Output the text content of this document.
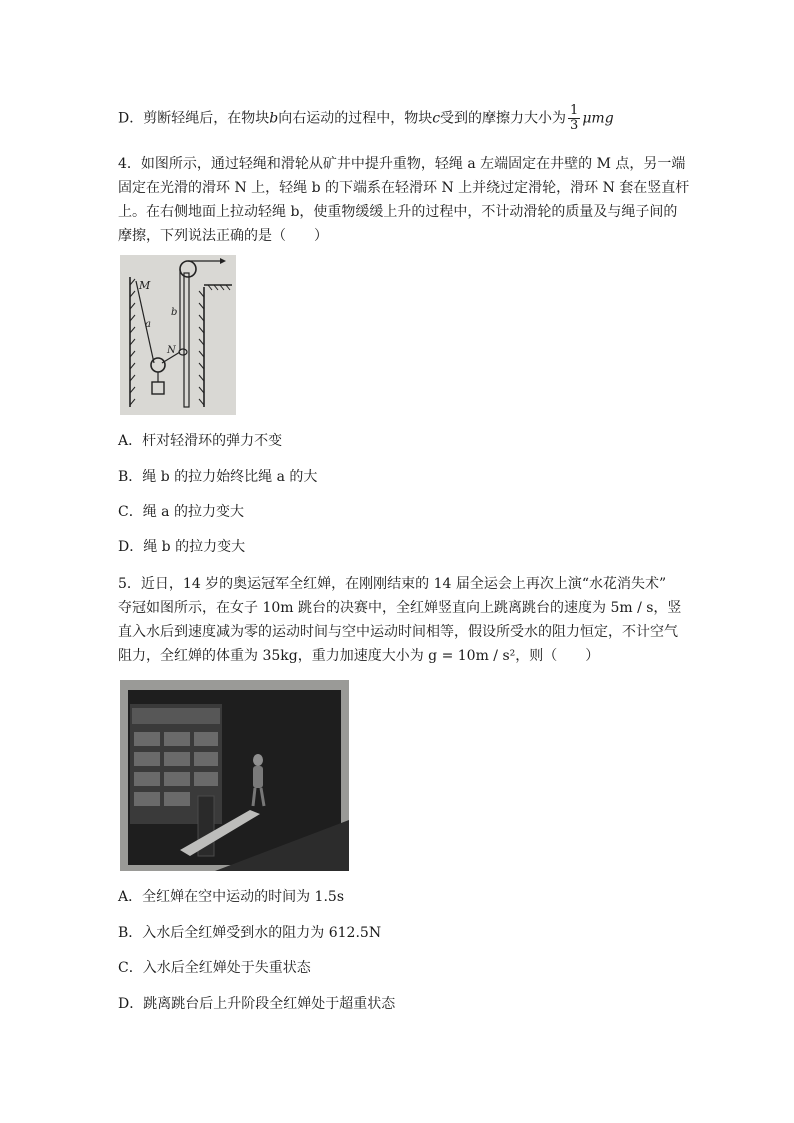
D．剪断轻绳后，在物块b向右运动的过程中，物块c受到的摩擦力大小为 $\frac{1}{3}$ μmg
4．如图所示，通过轻绳和滑轮从矿井中提升重物，轻绳 a 左端固定在井壁的 M 点，另一端
固定在光滑的滑环 N 上，轻绳 b 的下端系在轻滑环 N 上并绕过定滑轮，滑环 N 套在竖直杆
上。在右侧地面上拉动轻绳 b，使重物缓缓上升的过程中，不计动滑轮的质量及与绳子间的
摩擦，下列说法正确的是（　　）
M
a
b
N
A．杆对轻滑环的弹力不变
B．绳 b 的拉力始终比绳 a 的大
C．绳 a 的拉力变大
D．绳 b 的拉力变大
5．近日，14 岁的奥运冠军全红婵，在刚刚结束的 14 届全运会上再次上演“水花消失术”
夺冠如图所示，在女子 10m 跳台的决赛中，全红婵竖直向上跳离跳台的速度为 5m / s，竖
直入水后到速度减为零的运动时间与空中运动时间相等，假设所受水的阻力恒定，不计空气
阻力，全红婵的体重为 35kg，重力加速度大小为 g = 10m / s²，则（　　）
A．全红婵在空中运动的时间为 1.5s
B．入水后全红婵受到水的阻力为 612.5N
C．入水后全红婵处于失重状态
D．跳离跳台后上升阶段全红婵处于超重状态
